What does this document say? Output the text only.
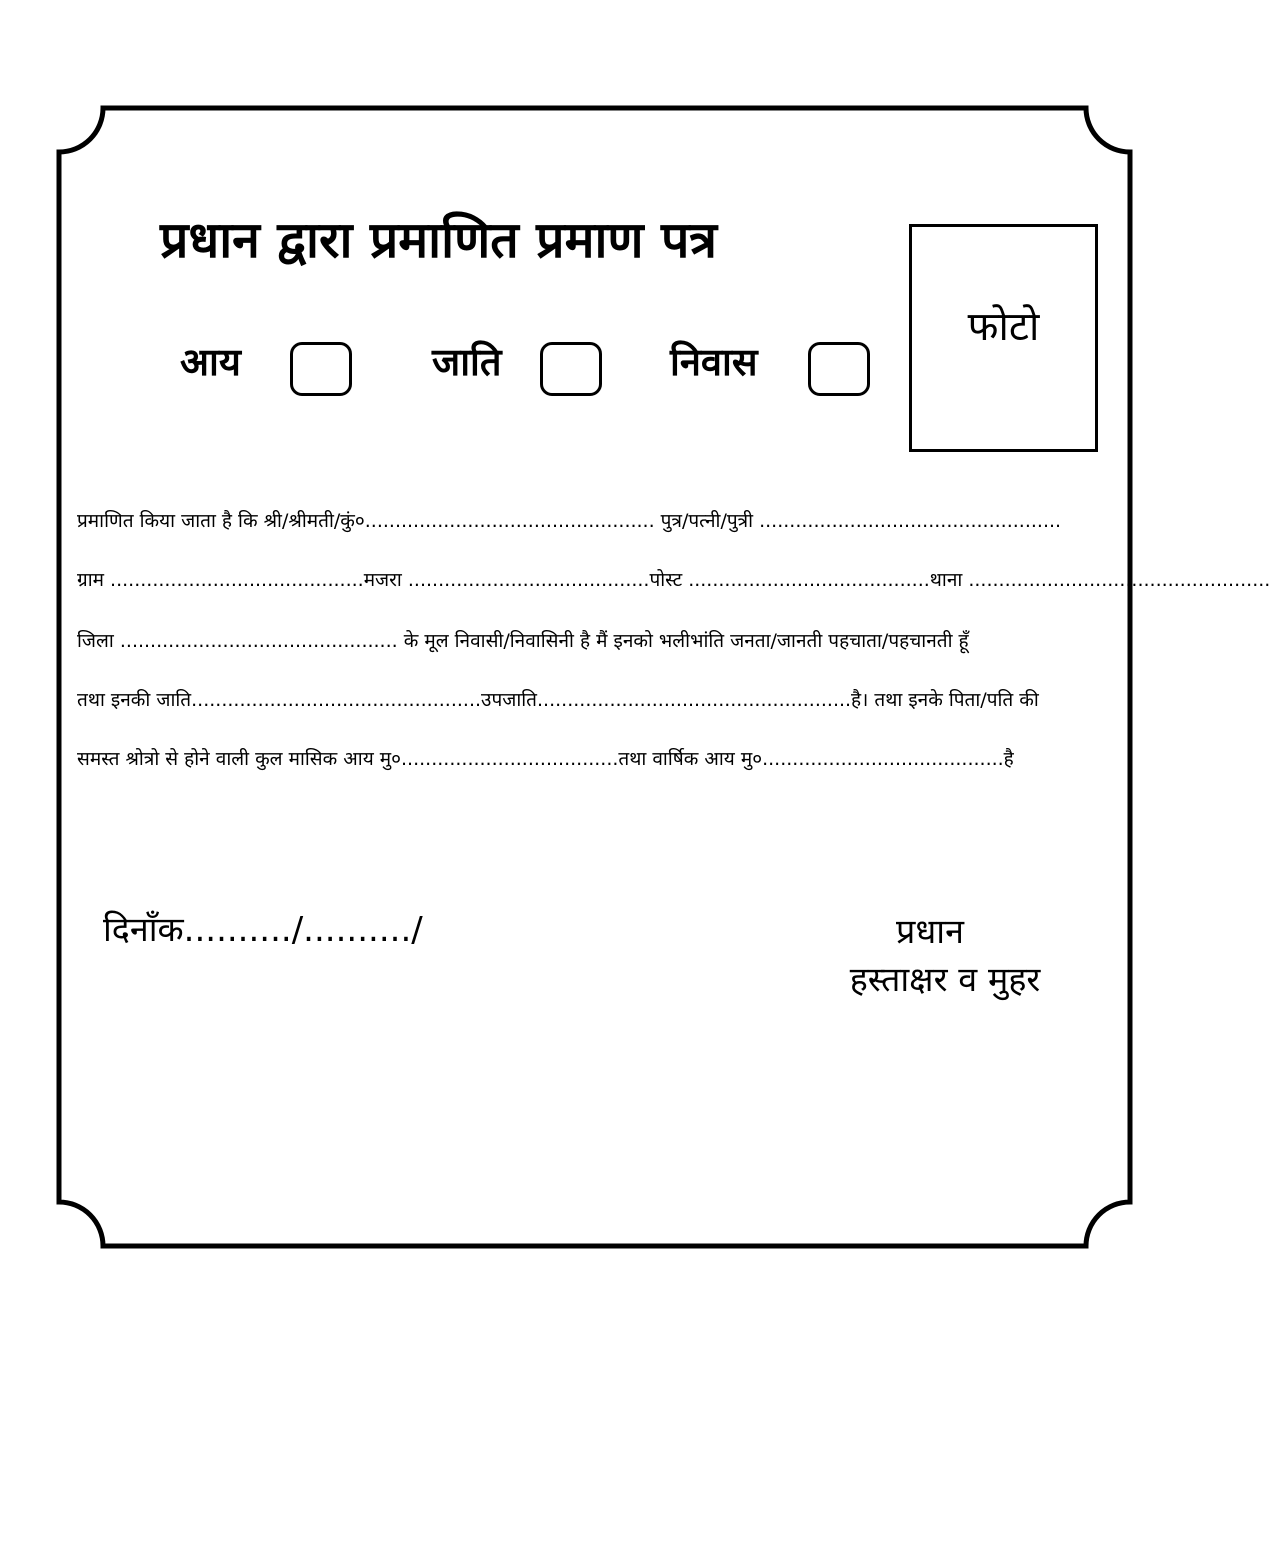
प्रधान द्वारा प्रमाणित प्रमाण पत्र
आय	जाति	निवास
फोटो
प्रमाणित किया जाता है कि श्री/श्रीमती/कुं०................................................ पुत्र/पत्नी/पुत्री ..................................................
ग्राम ..........................................मजरा ........................................पोस्ट ........................................थाना ..................................................
जिला .............................................. के मूल निवासी/निवासिनी है मैं इनको भलीभांति जनता/जानती पहचाता/पहचानती हूँ
तथा इनकी जाति................................................उपजाति....................................................है। तथा इनके पिता/पति की
समस्त श्रोत्रो से होने वाली कुल मासिक आय मु०....................................तथा वार्षिक आय मु०........................................है
दिनाँक........../........../	प्रधान
हस्ताक्षर व मुहर
